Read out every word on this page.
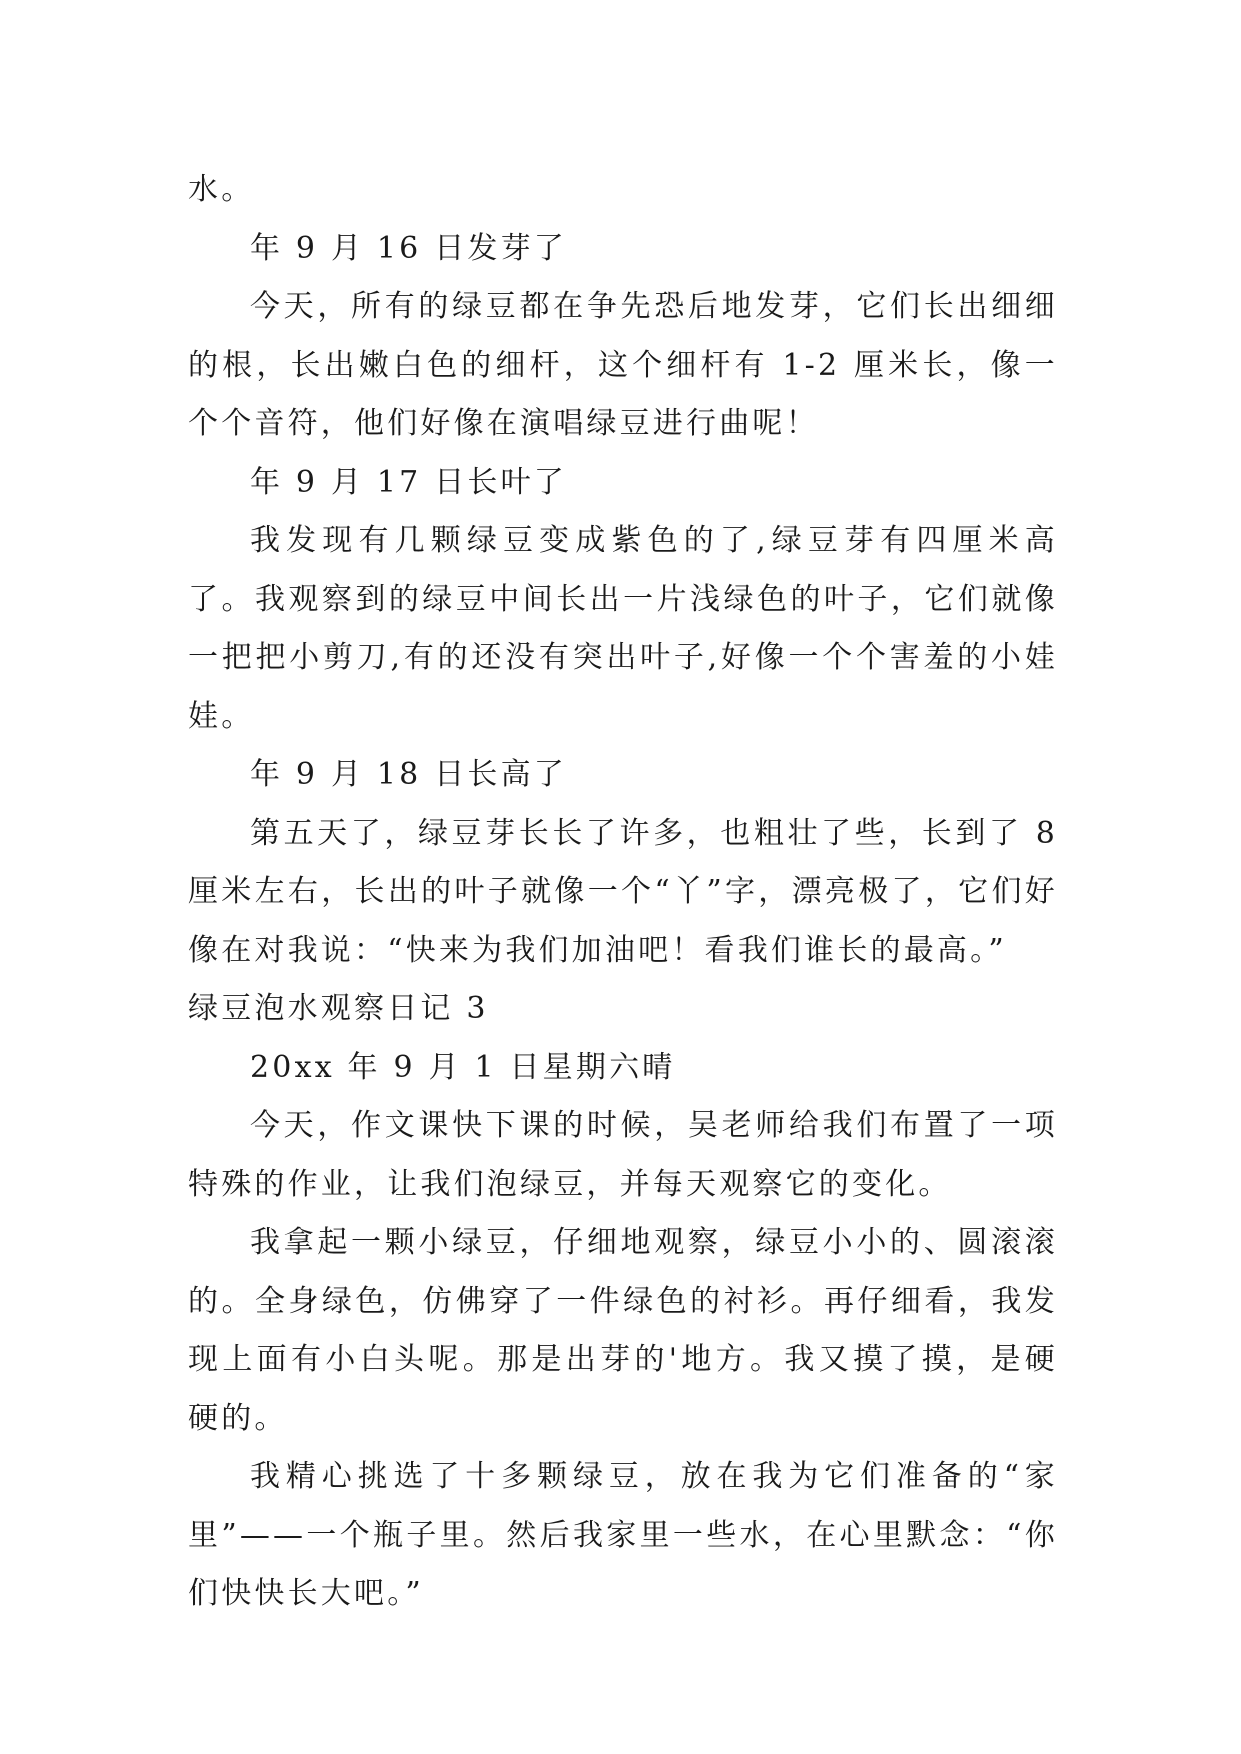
水。

年 9 月 16 日发芽了

今天，所有的绿豆都在争先恐后地发芽，它们长出细细的根，长出嫩白色的细杆，这个细杆有 1-2 厘米长，像一个个音符，他们好像在演唱绿豆进行曲呢！

年 9 月 17 日长叶了

我发现有几颗绿豆变成紫色的了,绿豆芽有四厘米高了。我观察到的绿豆中间长出一片浅绿色的叶子，它们就像一把把小剪刀,有的还没有突出叶子,好像一个个害羞的小娃娃。

年 9 月 18 日长高了

第五天了，绿豆芽长长了许多，也粗壮了些，长到了 8 厘米左右，长出的叶子就像一个“丫”字，漂亮极了，它们好像在对我说：“快来为我们加油吧！看我们谁长的最高。”

绿豆泡水观察日记 3

20xx 年 9 月 1 日星期六晴

今天，作文课快下课的时候，吴老师给我们布置了一项特殊的作业，让我们泡绿豆，并每天观察它的变化。

我拿起一颗小绿豆，仔细地观察，绿豆小小的、圆滚滚的。全身绿色，仿佛穿了一件绿色的衬衫。再仔细看，我发现上面有小白头呢。那是出芽的'地方。我又摸了摸，是硬硬的。

我精心挑选了十多颗绿豆，放在我为它们准备的“家里”——一个瓶子里。然后我家里一些水，在心里默念：“你们快快长大吧。”
